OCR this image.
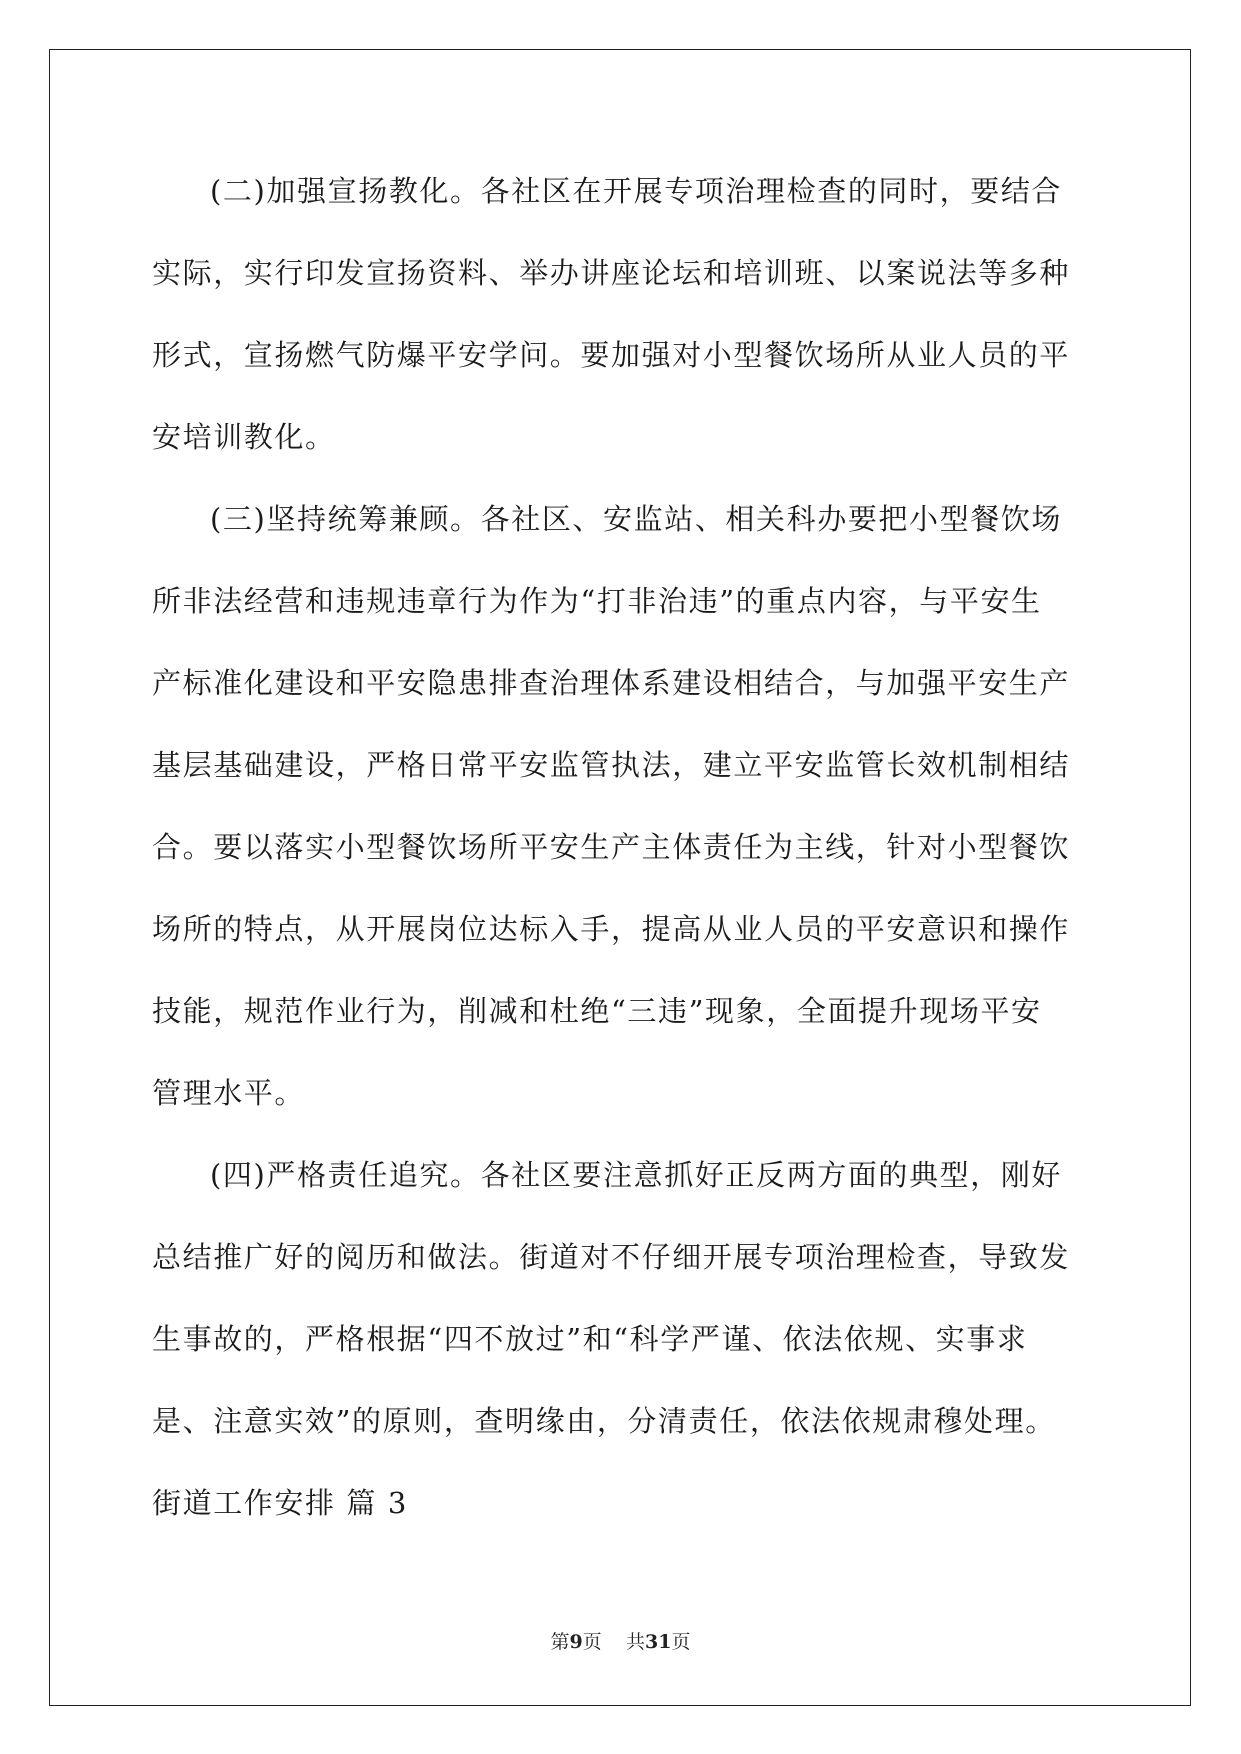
(二)加强宣扬教化。各社区在开展专项治理检查的同时，要结合
实际，实行印发宣扬资料、举办讲座论坛和培训班、以案说法等多种
形式，宣扬燃气防爆平安学问。要加强对小型餐饮场所从业人员的平
安培训教化。
(三)坚持统筹兼顾。各社区、安监站、相关科办要把小型餐饮场
所非法经营和违规违章行为作为“打非治违”的重点内容，与平安生
产标准化建设和平安隐患排查治理体系建设相结合，与加强平安生产
基层基础建设，严格日常平安监管执法，建立平安监管长效机制相结
合。要以落实小型餐饮场所平安生产主体责任为主线，针对小型餐饮
场所的特点，从开展岗位达标入手，提高从业人员的平安意识和操作
技能，规范作业行为，削减和杜绝“三违”现象，全面提升现场平安
管理水平。
(四)严格责任追究。各社区要注意抓好正反两方面的典型，刚好
总结推广好的阅历和做法。街道对不仔细开展专项治理检查，导致发
生事故的，严格根据“四不放过”和“科学严谨、依法依规、实事求
是、注意实效”的原则，查明缘由，分清责任，依法依规肃穆处理。
街道工作安排 篇 3
第9页 共31页
